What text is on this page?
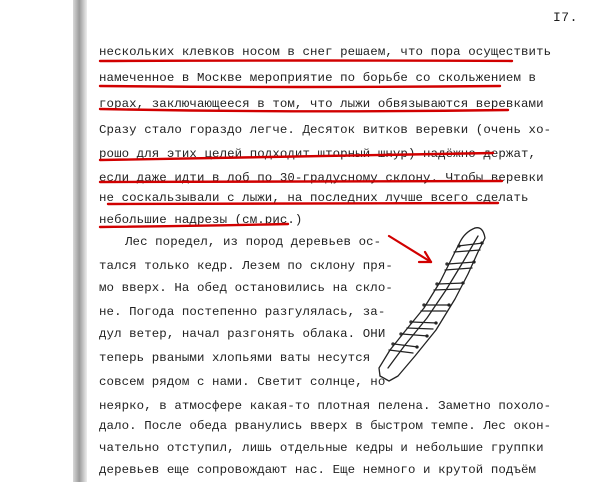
I7.
нескольких клевков носом в снег решаем, что пора осуществить
намеченное в Москве мероприятие по борьбе со скольжением в
горах, заключающееся в том, что лыжи обвязываются веревками
Сразу стало гораздо легче. Десяток витков веревки (очень хо-
рошо для этих целей подходит шторный шнур) надёжно держат,
если даже идти в лоб по 30-градусному склону. Чтобы веревки
не соскальзывали с лыжи, на последних лучше всего сделать
небольшие надрезы (см.рис.)
Лес поредел, из пород деревьев ос-
тался только кедр. Лезем по склону пря-
мо вверх. На обед остановились на скло-
не. Погода постепенно разгулялась, за-
дул ветер, начал разгонять облака. ОНИ
теперь рваными хлопьями ваты несутся
совсем рядом с нами. Светит солнце, но
неярко, в атмосфере какая-то плотная пелена. Заметно похоло-
дало. После обеда рванулись вверх в быстром темпе. Лес окон-
чательно отступил, лишь отдельные кедры и небольшие группки
деревьев еще сопровождают нас. Еще немного и крутой подъём
